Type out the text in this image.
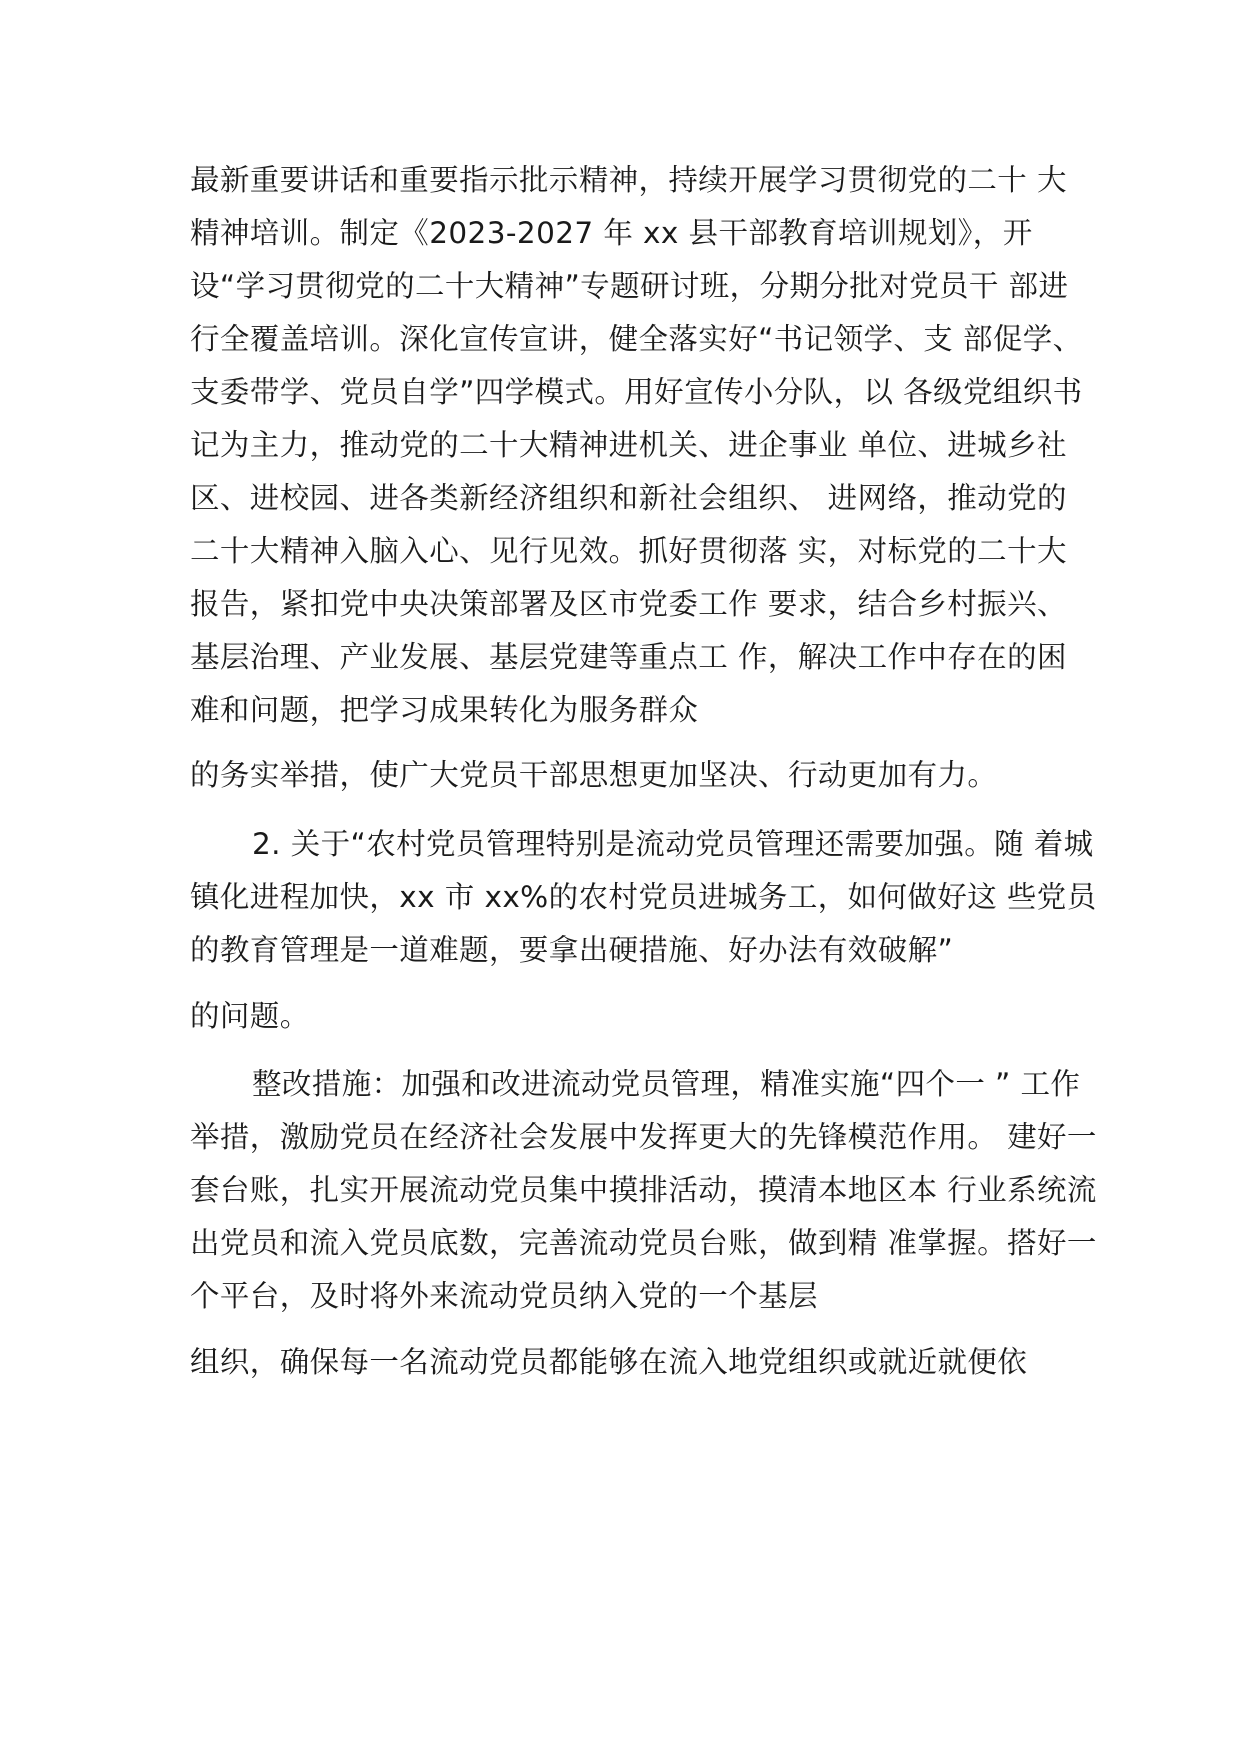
最新重要讲话和重要指示批示精神，持续开展学习贯彻党的二十 大
精神培训。制定《2023-2027 年 xx 县干部教育培训规划》，开
设“学习贯彻党的二十大精神”专题研讨班，分期分批对党员干 部进
行全覆盖培训。深化宣传宣讲，健全落实好“书记领学、支 部促学、
支委带学、党员自学”四学模式。用好宣传小分队，以 各级党组织书
记为主力，推动党的二十大精神进机关、进企事业 单位、进城乡社
区、进校园、进各类新经济组织和新社会组织、 进网络，推动党的
二十大精神入脑入心、见行见效。抓好贯彻落 实，对标党的二十大
报告，紧扣党中央决策部署及区市党委工作 要求，结合乡村振兴、
基层治理、产业发展、基层党建等重点工 作，解决工作中存在的困
难和问题，把学习成果转化为服务群众
的务实举措，使广大党员干部思想更加坚决、行动更加有力。
2. 关于“农村党员管理特别是流动党员管理还需要加强。随 着城
镇化进程加快，xx 市 xx%的农村党员进城务工，如何做好这 些党员
的教育管理是一道难题，要拿出硬措施、好办法有效破解”
的问题。
整改措施：加强和改进流动党员管理，精准实施“四个一 ” 工作
举措，激励党员在经济社会发展中发挥更大的先锋模范作用。 建好一
套台账，扎实开展流动党员集中摸排活动，摸清本地区本 行业系统流
出党员和流入党员底数，完善流动党员台账，做到精 准掌握。搭好一
个平台，及时将外来流动党员纳入党的一个基层
组织，确保每一名流动党员都能够在流入地党组织或就近就便依
